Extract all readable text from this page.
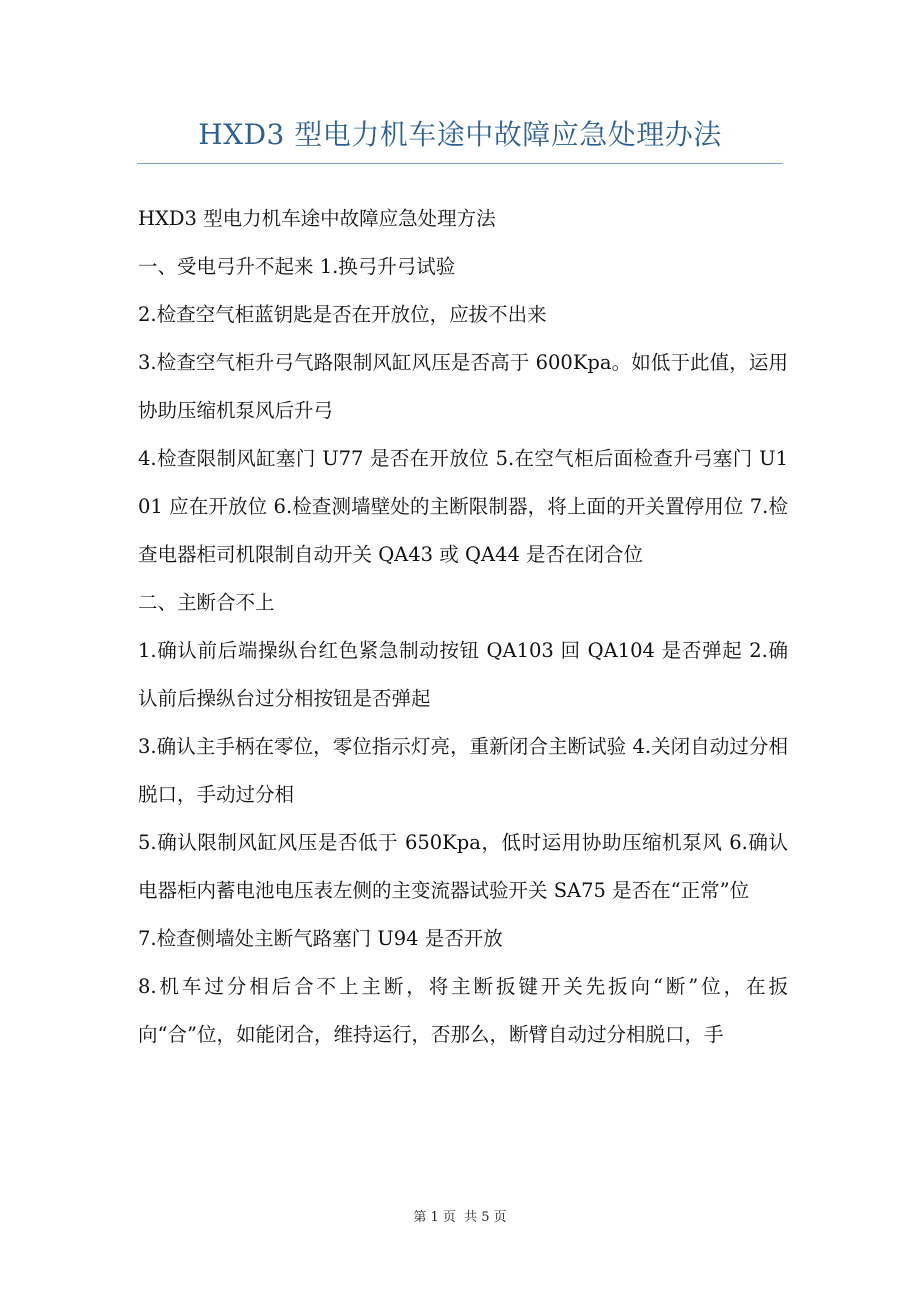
HXD3 型电力机车途中故障应急处理办法

HXD3 型电力机车途中故障应急处理方法

一、受电弓升不起来 1.换弓升弓试验

2.检查空气柜蓝钥匙是否在开放位，应拔不出来

3.检查空气柜升弓气路限制风缸风压是否高于 600Kpa。如低于此值，运用协助压缩机泵风后升弓

4.检查限制风缸塞门 U77 是否在开放位 5.在空气柜后面检查升弓塞门 U101 应在开放位 6.检查测墙壁处的主断限制器，将上面的开关置停用位 7.检查电器柜司机限制自动开关 QA43 或 QA44 是否在闭合位

二、主断合不上

1.确认前后端操纵台红色紧急制动按钮 QA103 回 QA104 是否弹起 2.确认前后操纵台过分相按钮是否弹起

3.确认主手柄在零位，零位指示灯亮，重新闭合主断试验 4.关闭自动过分相脱口，手动过分相

5.确认限制风缸风压是否低于 650Kpa，低时运用协助压缩机泵风 6.确认电器柜内蓄电池电压表左侧的主变流器试验开关 SA75 是否在“正常”位

7.检查侧墙处主断气路塞门 U94 是否开放

8.机车过分相后合不上主断，将主断扳键开关先扳向“断”位，在扳向“合”位，如能闭合，维持运行，否那么，断臂自动过分相脱口，手

第 1 页 共 5 页
